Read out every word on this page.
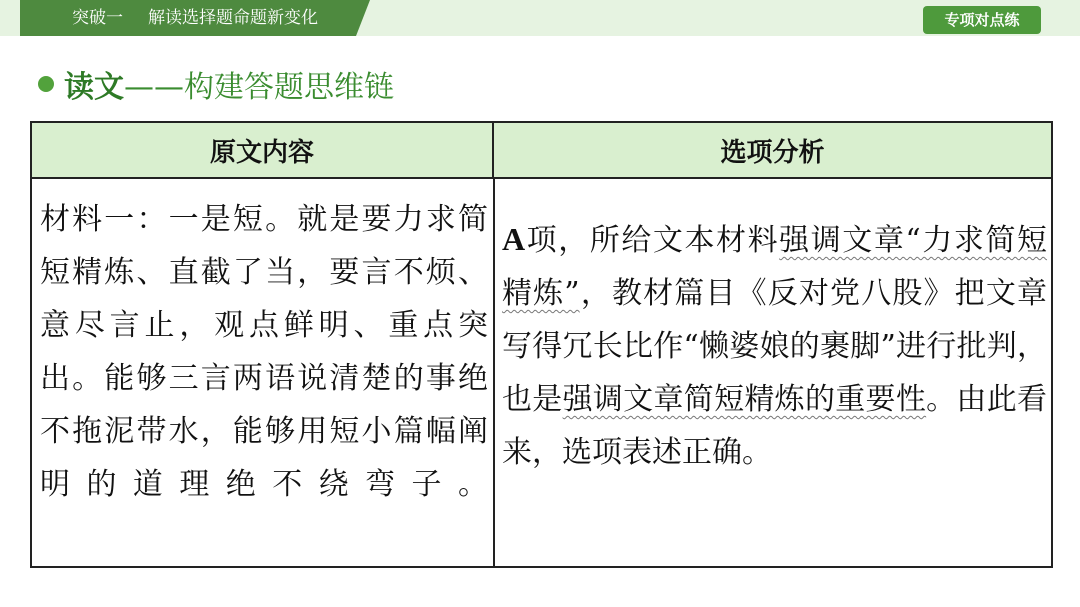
突破一 解读选择题命题新变化	专项对点练
读文 ——构建答题思维链
原文内容	选项分析
材料一：一是短。就是要力求简短精炼、直截了当，要言不烦、意尽言止，观点鲜明、重点突出。能够三言两语说清楚的事绝不拖泥带水，能够用短小篇幅阐明的道理绝不绕弯子。
A项，所给文本材料强调文章“力求简短精炼”，教材篇目《反对党八股》把文章写得冗长比作“懒婆娘的裹脚”进行批判，也是强调文章简短精炼的重要性。由此看来，选项表述正确。
